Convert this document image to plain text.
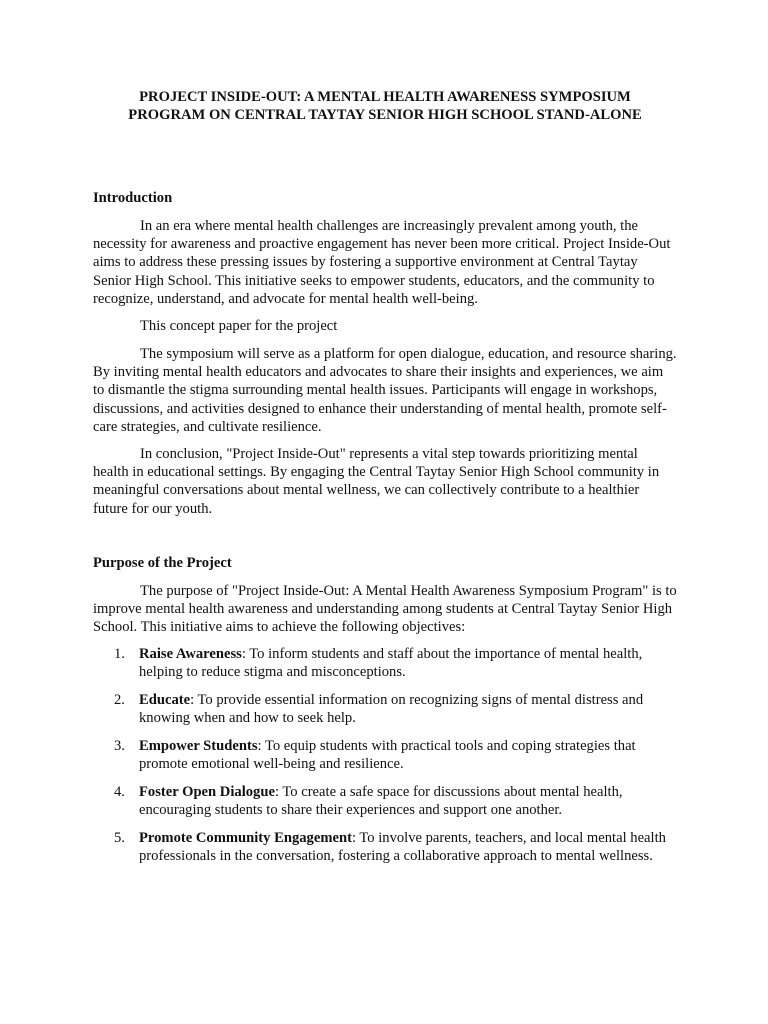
PROJECT INSIDE-OUT: A MENTAL HEALTH AWARENESS SYMPOSIUM
PROGRAM ON CENTRAL TAYTAY SENIOR HIGH SCHOOL STAND-ALONE
Introduction

In an era where mental health challenges are increasingly prevalent among youth, the necessity for awareness and proactive engagement has never been more critical. Project Inside-Out aims to address these pressing issues by fostering a supportive environment at Central Taytay Senior High School. This initiative seeks to empower students, educators, and the community to recognize, understand, and advocate for mental health well-being.

This concept paper for the project

The symposium will serve as a platform for open dialogue, education, and resource sharing. By inviting mental health educators and advocates to share their insights and experiences, we aim to dismantle the stigma surrounding mental health issues. Participants will engage in workshops, discussions, and activities designed to enhance their understanding of mental health, promote self-care strategies, and cultivate resilience.

In conclusion, "Project Inside-Out" represents a vital step towards prioritizing mental health in educational settings. By engaging the Central Taytay Senior High School community in meaningful conversations about mental wellness, we can collectively contribute to a healthier future for our youth.

Purpose of the Project

The purpose of "Project Inside-Out: A Mental Health Awareness Symposium Program" is to improve mental health awareness and understanding among students at Central Taytay Senior High School. This initiative aims to achieve the following objectives:

1. Raise Awareness: To inform students and staff about the importance of mental health, helping to reduce stigma and misconceptions.
2. Educate: To provide essential information on recognizing signs of mental distress and knowing when and how to seek help.
3. Empower Students: To equip students with practical tools and coping strategies that promote emotional well-being and resilience.
4. Foster Open Dialogue: To create a safe space for discussions about mental health, encouraging students to share their experiences and support one another.
5. Promote Community Engagement: To involve parents, teachers, and local mental health professionals in the conversation, fostering a collaborative approach to mental wellness.
